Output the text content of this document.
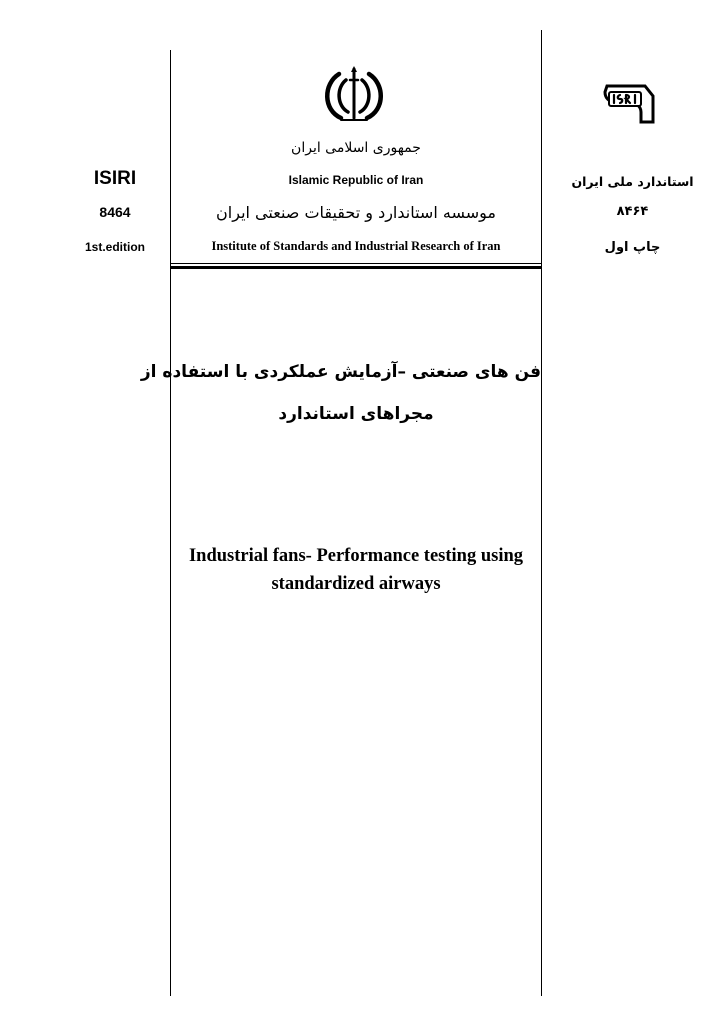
ISIRI
8464
1st.edition
جمهوری اسلامی ایران
Islamic Republic of Iran
موسسه استاندارد و تحقیقات صنعتی ایران
Institute of Standards and Industrial Research of Iran
استاندارد ملی ایران
۸۴۶۴
چاپ اول
فن های صنعتی –آزمایش عملکردی با استفاده از
مجراهای استاندارد
Industrial fans- Performance testing using
standardized airways
